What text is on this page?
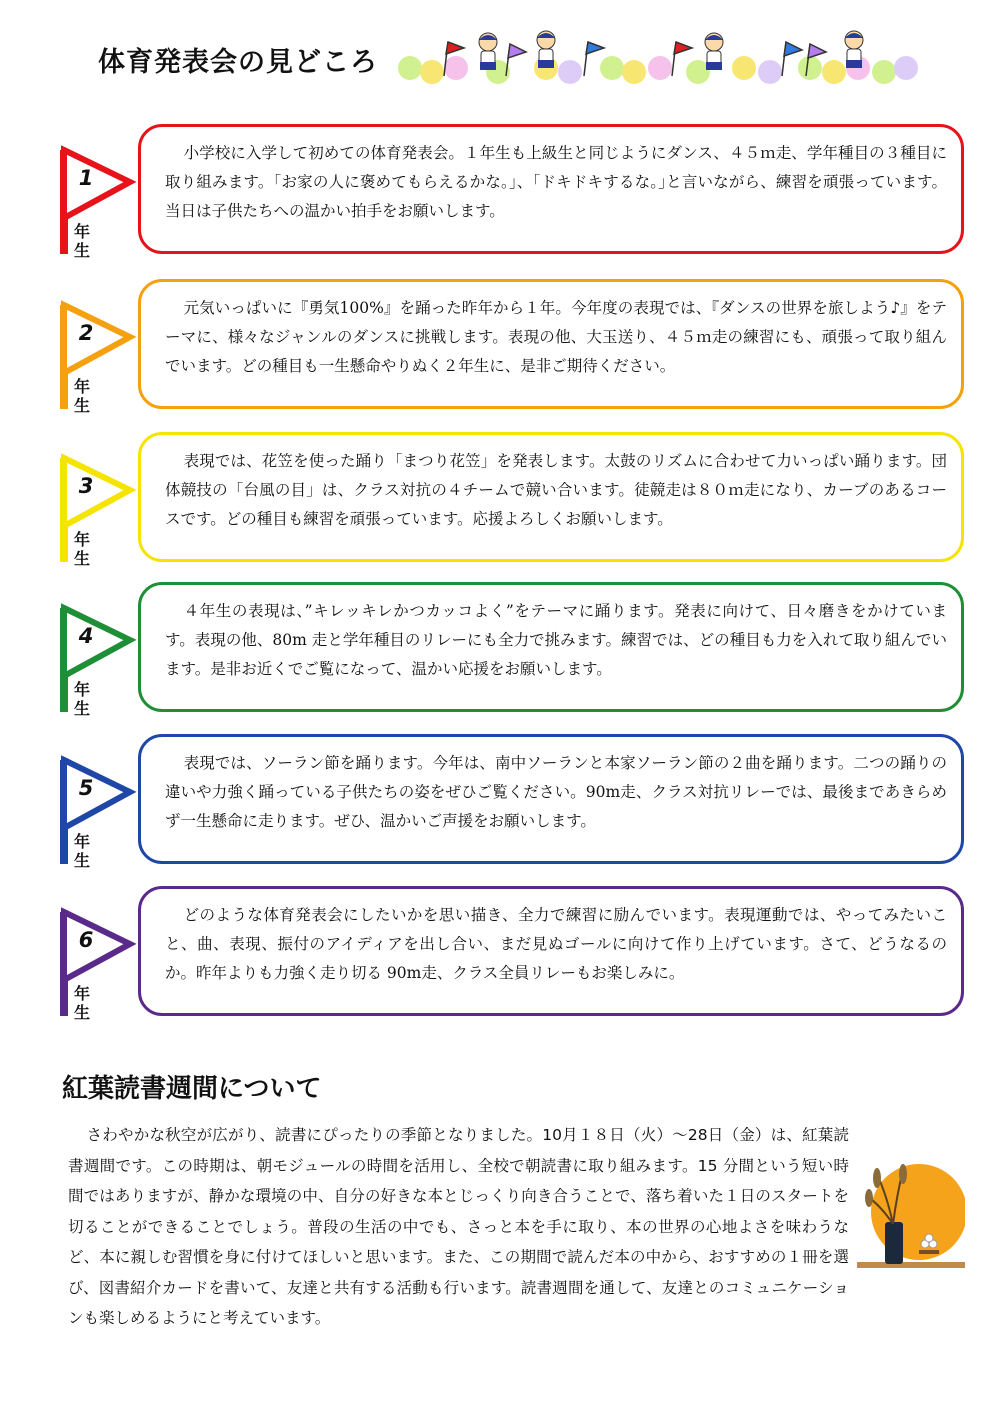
体育発表会の見どころ
1
年生
小学校に入学して初めての体育発表会。１年生も上級生と同じようにダンス、４５ｍ走、学年種目の３種目に取り組みます。｢お家の人に褒めてもらえるかな。｣、｢ドキドキするな。｣と言いながら、練習を頑張っています。当日は子供たちへの温かい拍手をお願いします。
2
年生
元気いっぱいに『勇気100%』を踊った昨年から１年。今年度の表現では、『ダンスの世界を旅しよう♪』をテーマに、様々なジャンルのダンスに挑戦します。表現の他、大玉送り、４５ｍ走の練習にも、頑張って取り組んでいます。どの種目も一生懸命やりぬく２年生に、是非ご期待ください。
3
年生
表現では、花笠を使った踊り「まつり花笠」を発表します。太鼓のリズムに合わせて力いっぱい踊ります。団体競技の「台風の目」は、クラス対抗の４チームで競い合います。徒競走は８０ｍ走になり、カーブのあるコースです。どの種目も練習を頑張っています。応援よろしくお願いします。
4
年生
４年生の表現は、”キレッキレかつカッコよく”をテーマに踊ります。発表に向けて、日々磨きをかけています。表現の他、80m 走と学年種目のリレーにも全力で挑みます。練習では、どの種目も力を入れて取り組んでいます。是非お近くでご覧になって、温かい応援をお願いします。
5
年生
表現では、ソーラン節を踊ります。今年は、南中ソーランと本家ソーラン節の２曲を踊ります。二つの踊りの違いや力強く踊っている子供たちの姿をぜひご覧ください。90m走、クラス対抗リレーでは、最後まであきらめず一生懸命に走ります。ぜひ、温かいご声援をお願いします。
6
年生
どのような体育発表会にしたいかを思い描き、全力で練習に励んでいます。表現運動では、やってみたいこと、曲、表現、振付のアイディアを出し合い、まだ見ぬゴールに向けて作り上げています。さて、どうなるのか。昨年よりも力強く走り切る 90m走、クラス全員リレーもお楽しみに。
紅葉読書週間について
さわやかな秋空が広がり、読書にぴったりの季節となりました。10月１８日（火）～28日（金）は、紅葉読書週間です。この時期は、朝モジュールの時間を活用し、全校で朝読書に取り組みます。15 分間という短い時間ではありますが、静かな環境の中、自分の好きな本とじっくり向き合うことで、落ち着いた１日のスタートを切ることができることでしょう。普段の生活の中でも、さっと本を手に取り、本の世界の心地よさを味わうなど、本に親しむ習慣を身に付けてほしいと思います。また、この期間で読んだ本の中から、おすすめの１冊を選び、図書紹介カードを書いて、友達と共有する活動も行います。読書週間を通して、友達とのコミュニケーションも楽しめるようにと考えています。
